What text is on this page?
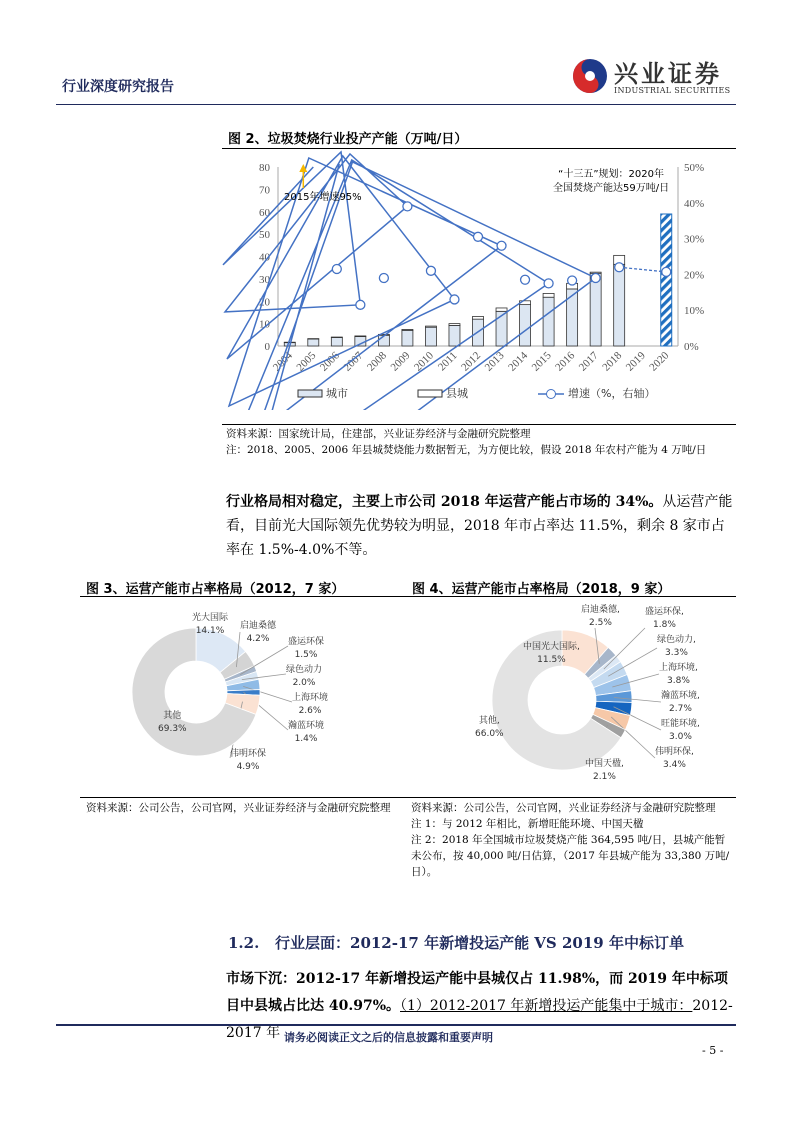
行业深度研究报告	兴业证券
INDUSTRIAL SECURITIES
图 2、垃圾焚烧行业投产产能（万吨/日）
0
10
20
30
40
50
60
70
80
0%
10%
20%
30%
40%
50%
2004 2005 2006 2007 2008 2009 2010 2011 2012 2013 2014 2015 2016 2017 2018 2019 2020
城市	县城	增速（%，右轴）
2015年增速95%
“十三五”规划：2020年
全国焚烧产能达59万吨/日
资料来源：国家统计局，住建部，兴业证券经济与金融研究院整理
注：2018、2005、2006 年县城焚烧能力数据暂无，为方便比较，假设 2018 年农村产能为 4 万吨/日
行业格局相对稳定，主要上市公司 2018 年运营产能占市场的 34%。从运营产能看，目前光大国际领先优势较为明显，2018 年市占率达 11.5%，剩余 8 家市占率在 1.5%-4.0%不等。
图 3、运营产能市占率格局（2012，7 家）	图 4、运营产能市占率格局（2018，9 家）
资料来源：公司公告，公司官网，兴业证券经济与金融研究院整理	资料来源：公司公告，公司官网，兴业证券经济与金融研究院整理
注 1：与 2012 年相比，新增旺能环境、中国天楹
注 2：2018 年全国城市垃圾焚烧产能 364,595 吨/日，县城产能暂未公布，按 40,000 吨/日估算，（2017 年县城产能为 33,380 万吨/日）。
1.2. 行业层面：2012-17 年新增投运产能 VS 2019 年中标订单
市场下沉：2012-17 年新增投运产能中县城仅占 11.98%，而 2019 年中标项目中县城占比达 40.97%。（1）2012-2017 年新增投运产能集中于城市：2012-2017 年 请务必阅读正文之后的信息披露和重要声明
- 5 -
光大国际
14.1%	启迪桑德
4.2%	盛运环保
1.5%
绿色动力
2.0%
上海环境
2.6%
瀚蓝环境
1.4%
伟明环保
4.9%
其他
69.3%
中国光大国际,
11.5%
启迪桑德,
2.5%
盛运环保,
1.8%
绿色动力,
3.3%
上海环境,
3.8%
瀚蓝环境,
2.7%
旺能环境,
3.0%
伟明环保,
3.4%
中国天楹,
2.1%
其他,
66.0%
